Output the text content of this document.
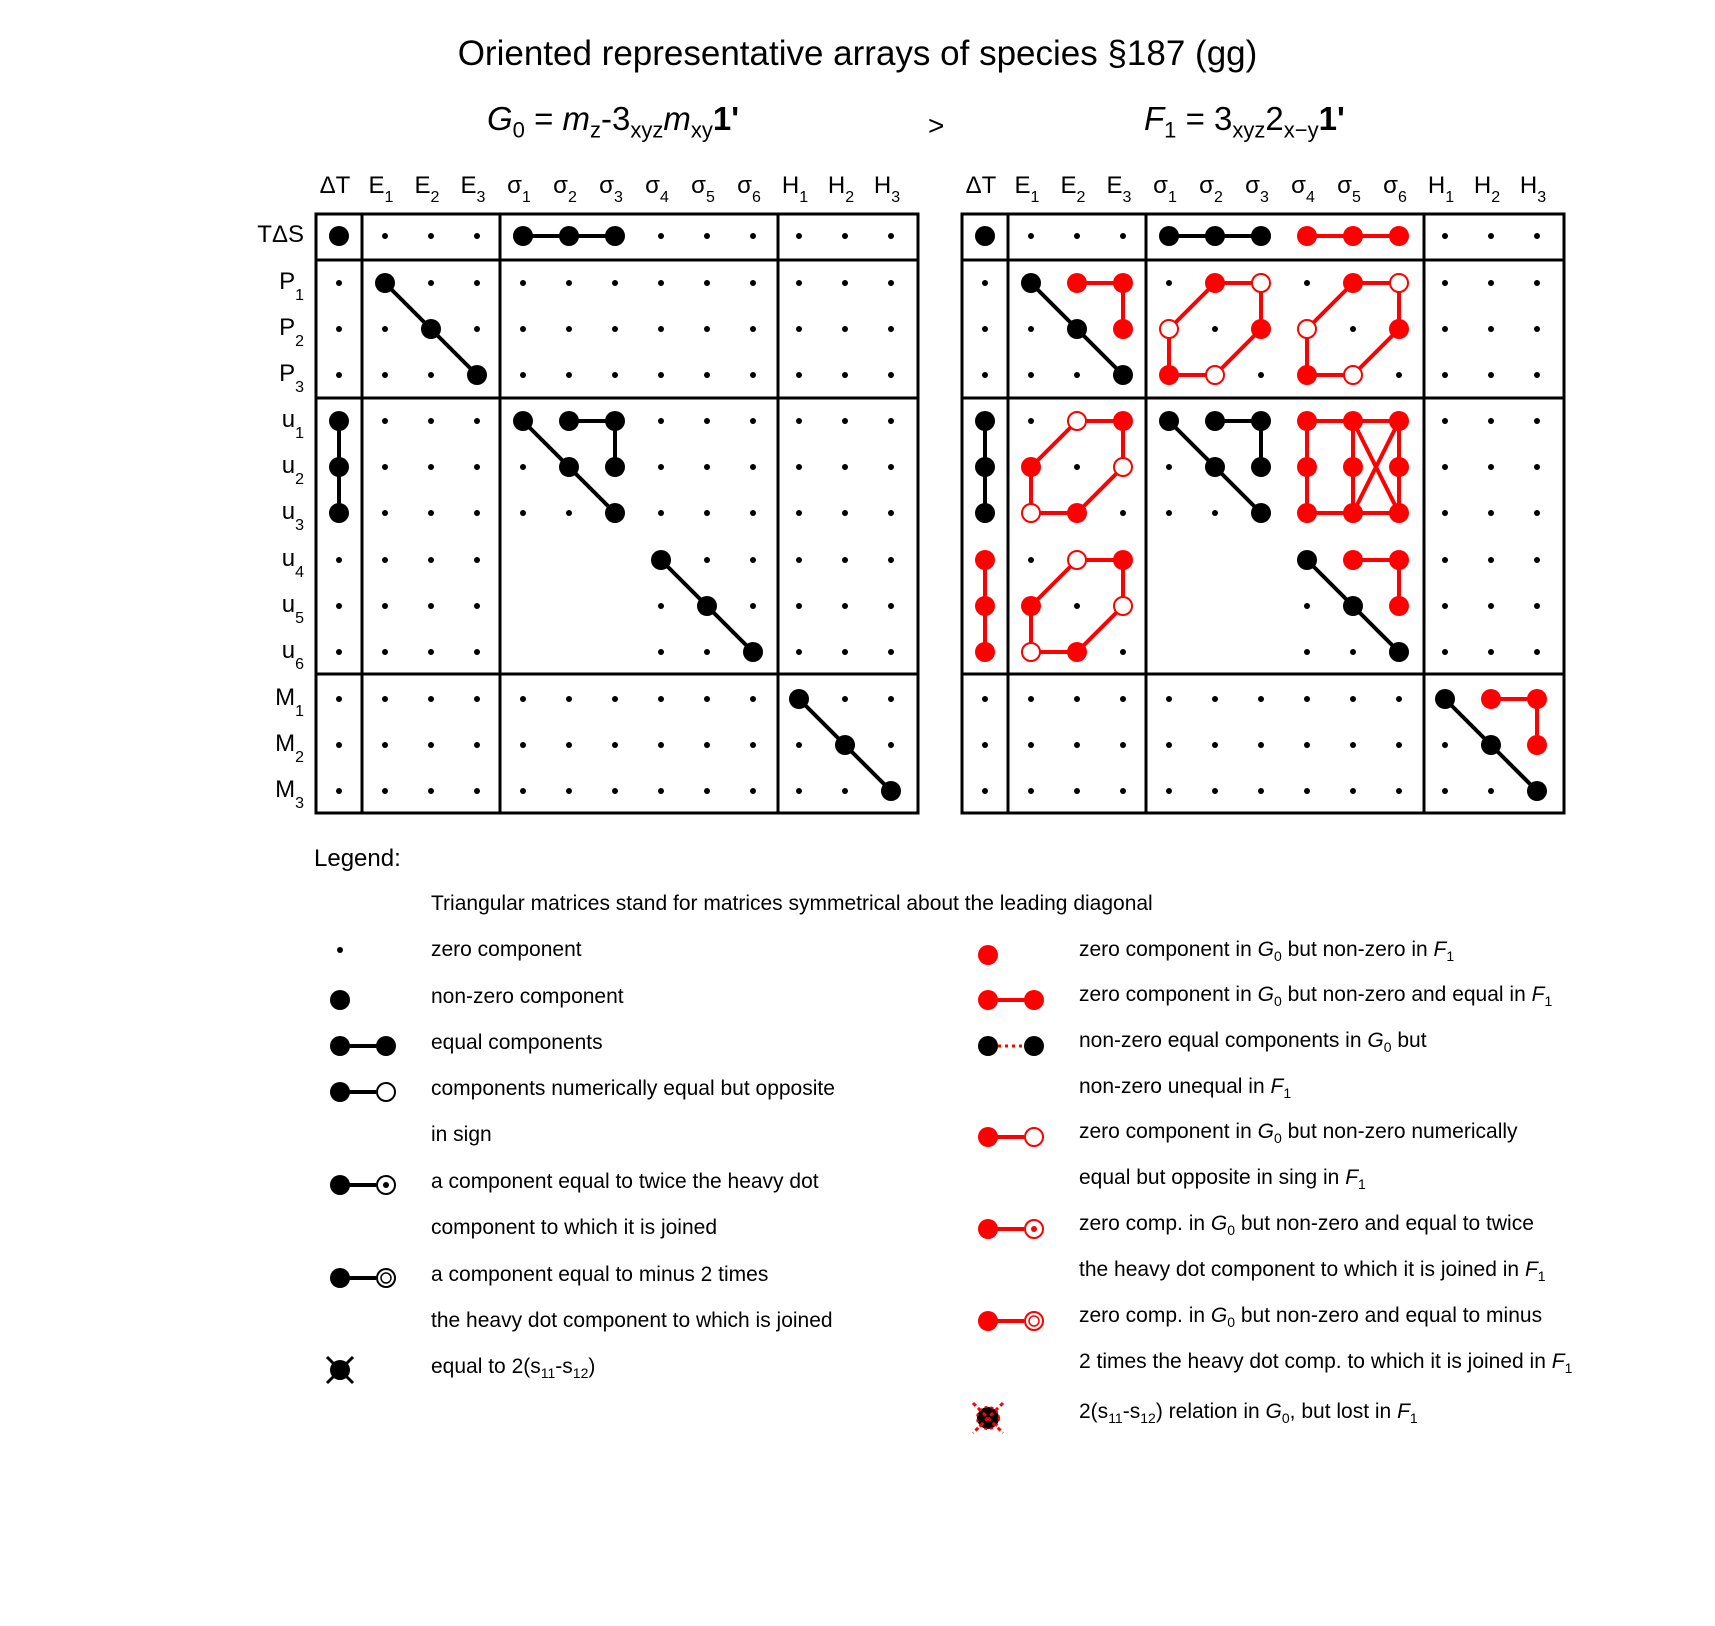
Oriented representative arrays of species §187 (gg)
$G_0 = m_z-3_{xyz}m_{xy}1'$	>	$F_1 = 3_{xyz}2_{x-y}1'$
ΔT $E_1$ $E_2$ $E_3$ $\sigma_1$ $\sigma_2$ $\sigma_3$ $\sigma_4$ $\sigma_5$ $\sigma_6$ $H_1$ $H_2$ $H_3$
TΔS
$P_1$
$P_2$
$P_3$
$u_1$
$u_2$
$u_3$
$u_4$
$u_5$
$u_6$
$M_1$
$M_2$
$M_3$
ΔT $E_1$ $E_2$ $E_3$ $\sigma_1$ $\sigma_2$ $\sigma_3$ $\sigma_4$ $\sigma_5$ $\sigma_6$ $H_1$ $H_2$ $H_3$
Legend:
Triangular matrices stand for matrices symmetrical about the leading diagonal
zero component
non-zero component
equal components
components numerically equal but opposite
in sign
a component equal to twice the heavy dot
component to which it is joined
a component equal to minus 2 times
the heavy dot component to which is joined
equal to $2(s_{11}-s_{12})$
zero component in $G_0$ but non-zero in $F_1$
zero component in $G_0$ but non-zero and equal in $F_1$
non-zero equal components in $G_0$ but
non-zero unequal in $F_1$
zero component in $G_0$ but non-zero numerically
equal but opposite in sing in $F_1$
zero comp. in $G_0$ but non-zero and equal to twice
the heavy dot component to which it is joined in $F_1$
zero comp. in $G_0$ but non-zero and equal to minus
2 times the heavy dot comp. to which it is joined in $F_1$
$2(s_{11}-s_{12})$ relation in $G_0$, but lost in $F_1$
